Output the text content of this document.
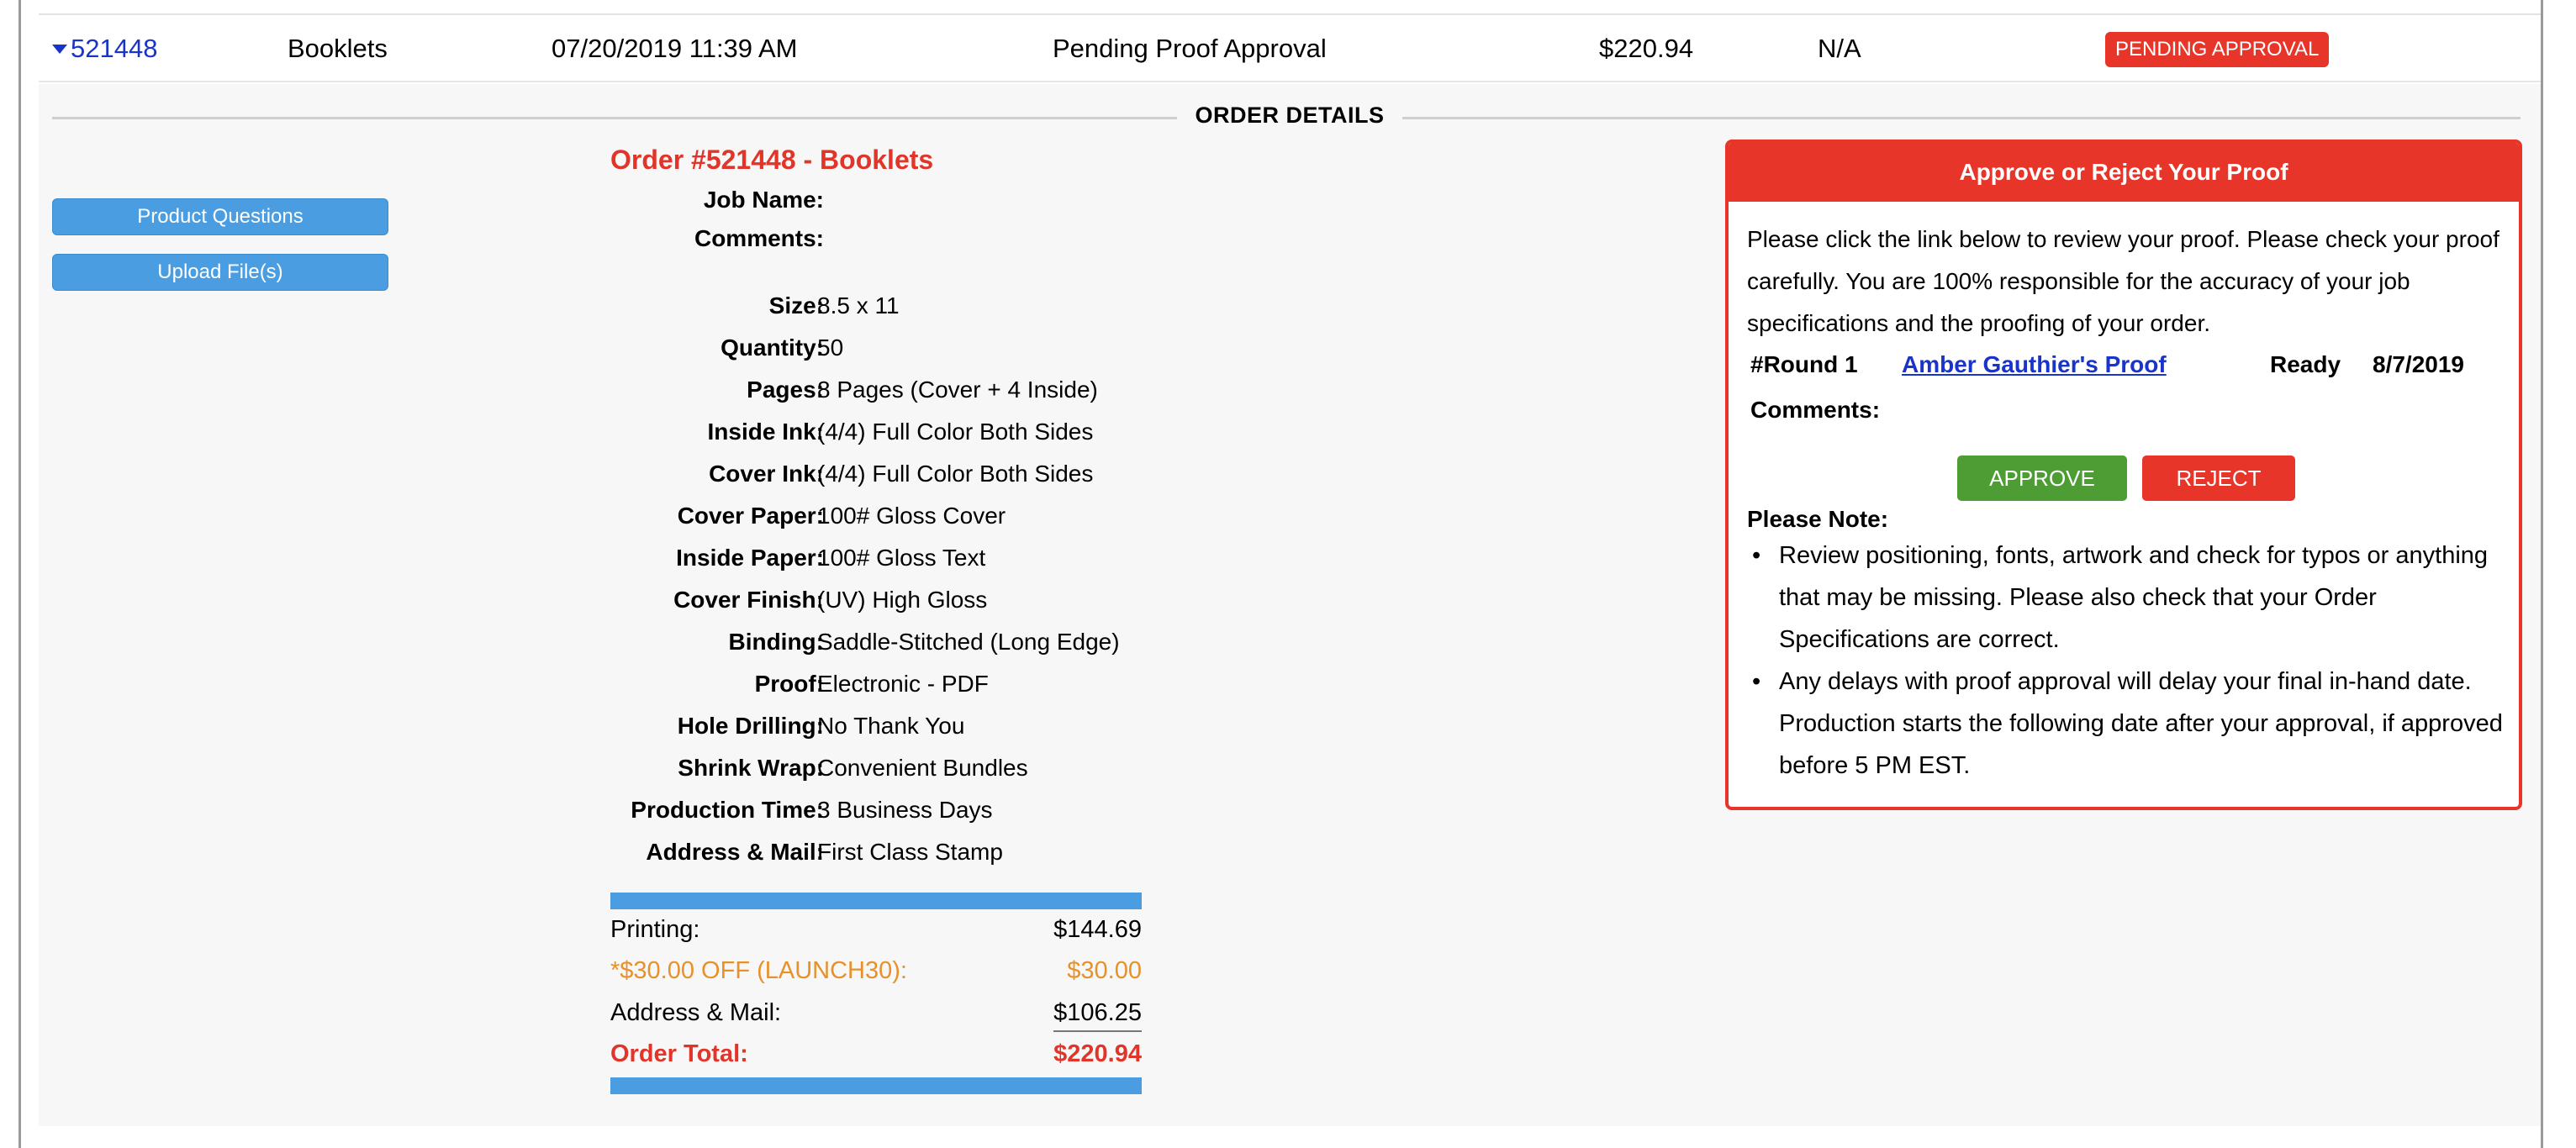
521448	Booklets	07/20/2019 11:39 AM	Pending Proof Approval	$220.94	N/A	PENDING APPROVAL
ORDER DETAILS
Product Questions
Upload File(s)
Order #521448 - Booklets
Job Name:
Comments:
Size:
8.5 x 11
Quantity:
50
Pages:
8 Pages (Cover + 4 Inside)
Inside Ink:
(4/4) Full Color Both Sides
Cover Ink:
(4/4) Full Color Both Sides
Cover Paper:
100# Gloss Cover
Inside Paper:
100# Gloss Text
Cover Finish:
(UV) High Gloss
Binding:
Saddle-Stitched (Long Edge)
Proof:
Electronic - PDF
Hole Drilling:
No Thank You
Shrink Wrap:
Convenient Bundles
Production Time:
3 Business Days
Address & Mail:
First Class Stamp
Printing:	$144.69
*$30.00 OFF (LAUNCH30):	$30.00
Address & Mail:	$106.25
Order Total:	$220.94
Approve or Reject Your Proof
Please click the link below to review your proof. Please check your proof carefully. You are 100% responsible for the accuracy of your job specifications and the proofing of your order.
#Round 1 Amber Gauthier's Proof	Ready 8/7/2019
Comments:
APPROVE	REJECT
Please Note:
• Review positioning, fonts, artwork and check for typos or anything that may be missing. Please also check that your Order Specifications are correct.
• Any delays with proof approval will delay your final in-hand date. Production starts the following date after your approval, if approved before 5 PM EST.
